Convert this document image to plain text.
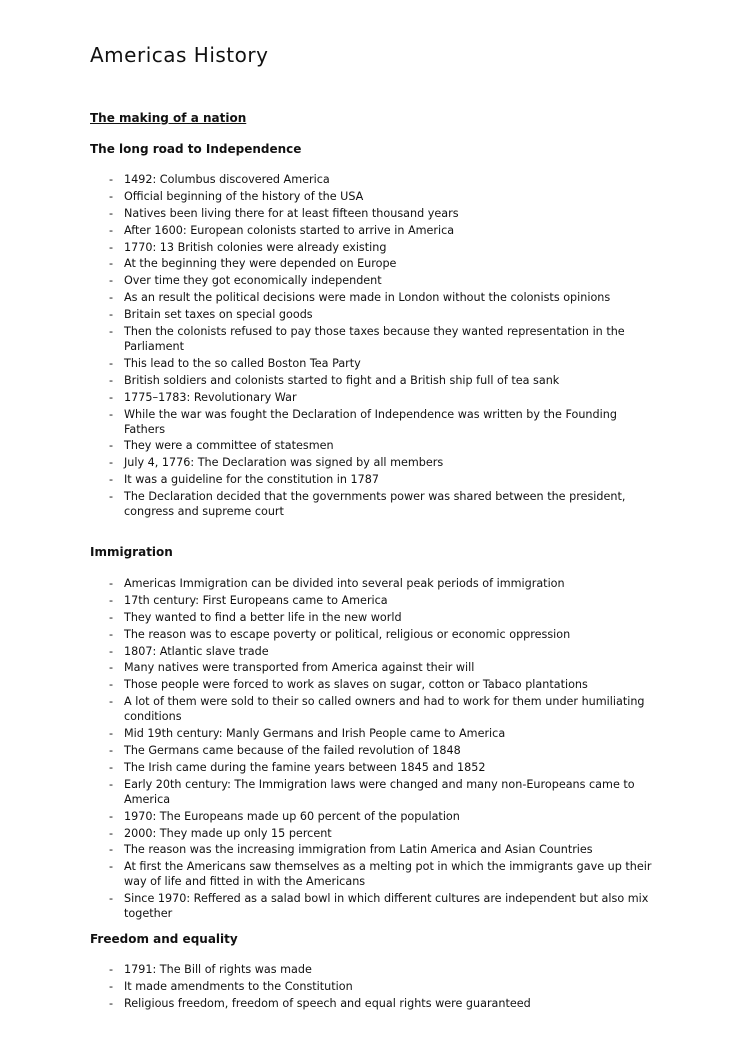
Americas History
The making of a nation
The long road to Independence
- 1492: Columbus discovered America
- Official beginning of the history of the USA
- Natives been living there for at least fifteen thousand years
- After 1600: European colonists started to arrive in America
- 1770: 13 British colonies were already existing
- At the beginning they were depended on Europe
- Over time they got economically independent
- As an result the political decisions were made in London without the colonists opinions
- Britain set taxes on special goods
- Then the colonists refused to pay those taxes because they wanted representation in the Parliament
- This lead to the so called Boston Tea Party
- British soldiers and colonists started to fight and a British ship full of tea sank
- 1775–1783: Revolutionary War
- While the war was fought the Declaration of Independence was written by the Founding Fathers
- They were a committee of statesmen
- July 4, 1776: The Declaration was signed by all members
- It was a guideline for the constitution in 1787
- The Declaration decided that the governments power was shared between the president, congress and supreme court
Immigration
- Americas Immigration can be divided into several peak periods of immigration
- 17th century: First Europeans came to America
- They wanted to find a better life in the new world
- The reason was to escape poverty or political, religious or economic oppression
- 1807: Atlantic slave trade
- Many natives were transported from America against their will
- Those people were forced to work as slaves on sugar, cotton or Tabaco plantations
- A lot of them were sold to their so called owners and had to work for them under humiliating conditions
- Mid 19th century: Manly Germans and Irish People came to America
- The Germans came because of the failed revolution of 1848
- The Irish came during the famine years between 1845 and 1852
- Early 20th century: The Immigration laws were changed and many non-Europeans came to America
- 1970: The Europeans made up 60 percent of the population
- 2000: They made up only 15 percent
- The reason was the increasing immigration from Latin America and Asian Countries
- At first the Americans saw themselves as a melting pot in which the immigrants gave up their way of life and fitted in with the Americans
- Since 1970: Reffered as a salad bowl in which different cultures are independent but also mix together
Freedom and equality
- 1791: The Bill of rights was made
- It made amendments to the Constitution
- Religious freedom, freedom of speech and equal rights were guaranteed
